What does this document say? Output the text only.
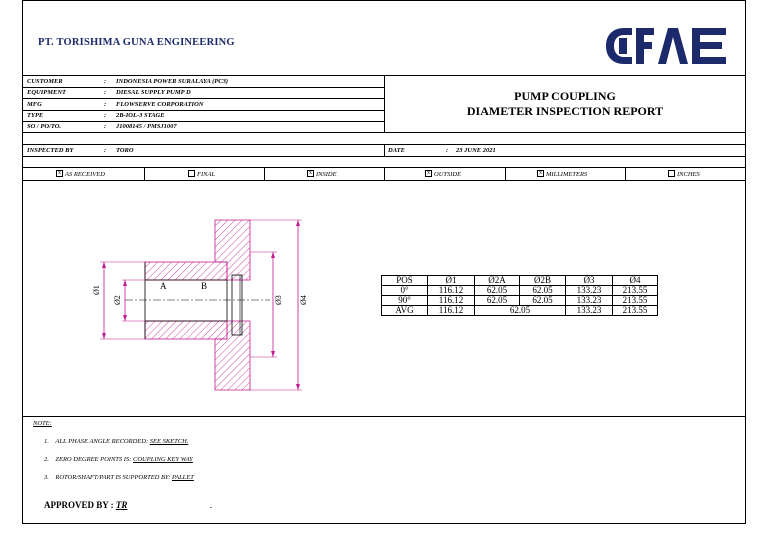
PT. TORISHIMA GUNA ENGINEERING
CUSTOMER	: INDONESIA POWER SURALAYA (PC3)
EQUIPMENT	: DIESAL SUPPLY PUMP D
MFG	: FLOWSERVE CORPORATION
TYPE	: 2B-IOL-3 STAGE
SO / PO/TO.	: J1008145 / PMSJ1007
PUMP COUPLING
DIAMETER INSPECTION REPORT
INSPECTED BY	: TORO	DATE	: 23 JUNE 2021
x AS RECEIVED	FINAL	x INSIDE	x OUTSIDE	x MILLIMETERS	INCHES
A	B
Ø1
Ø2	Ø3 Ø4
POS	Ø1	Ø2A	Ø2B	Ø3	Ø4
0°	116.12	62.05	62.05	133.23	213.55
90°	116.12	62.05	62.05	133.23	213.55
AVG	116.12	62.05		133.23	213.55
NOTE:
1. ALL PHASE ANGLE RECORDED: SEE SKETCH.
2. ZERO DEGREE POINTS IS: COUPLING KEY WAY
3. ROTOR/SHAFT/PART IS SUPPORTED BY: PALLET
APPROVED BY : TR	.
